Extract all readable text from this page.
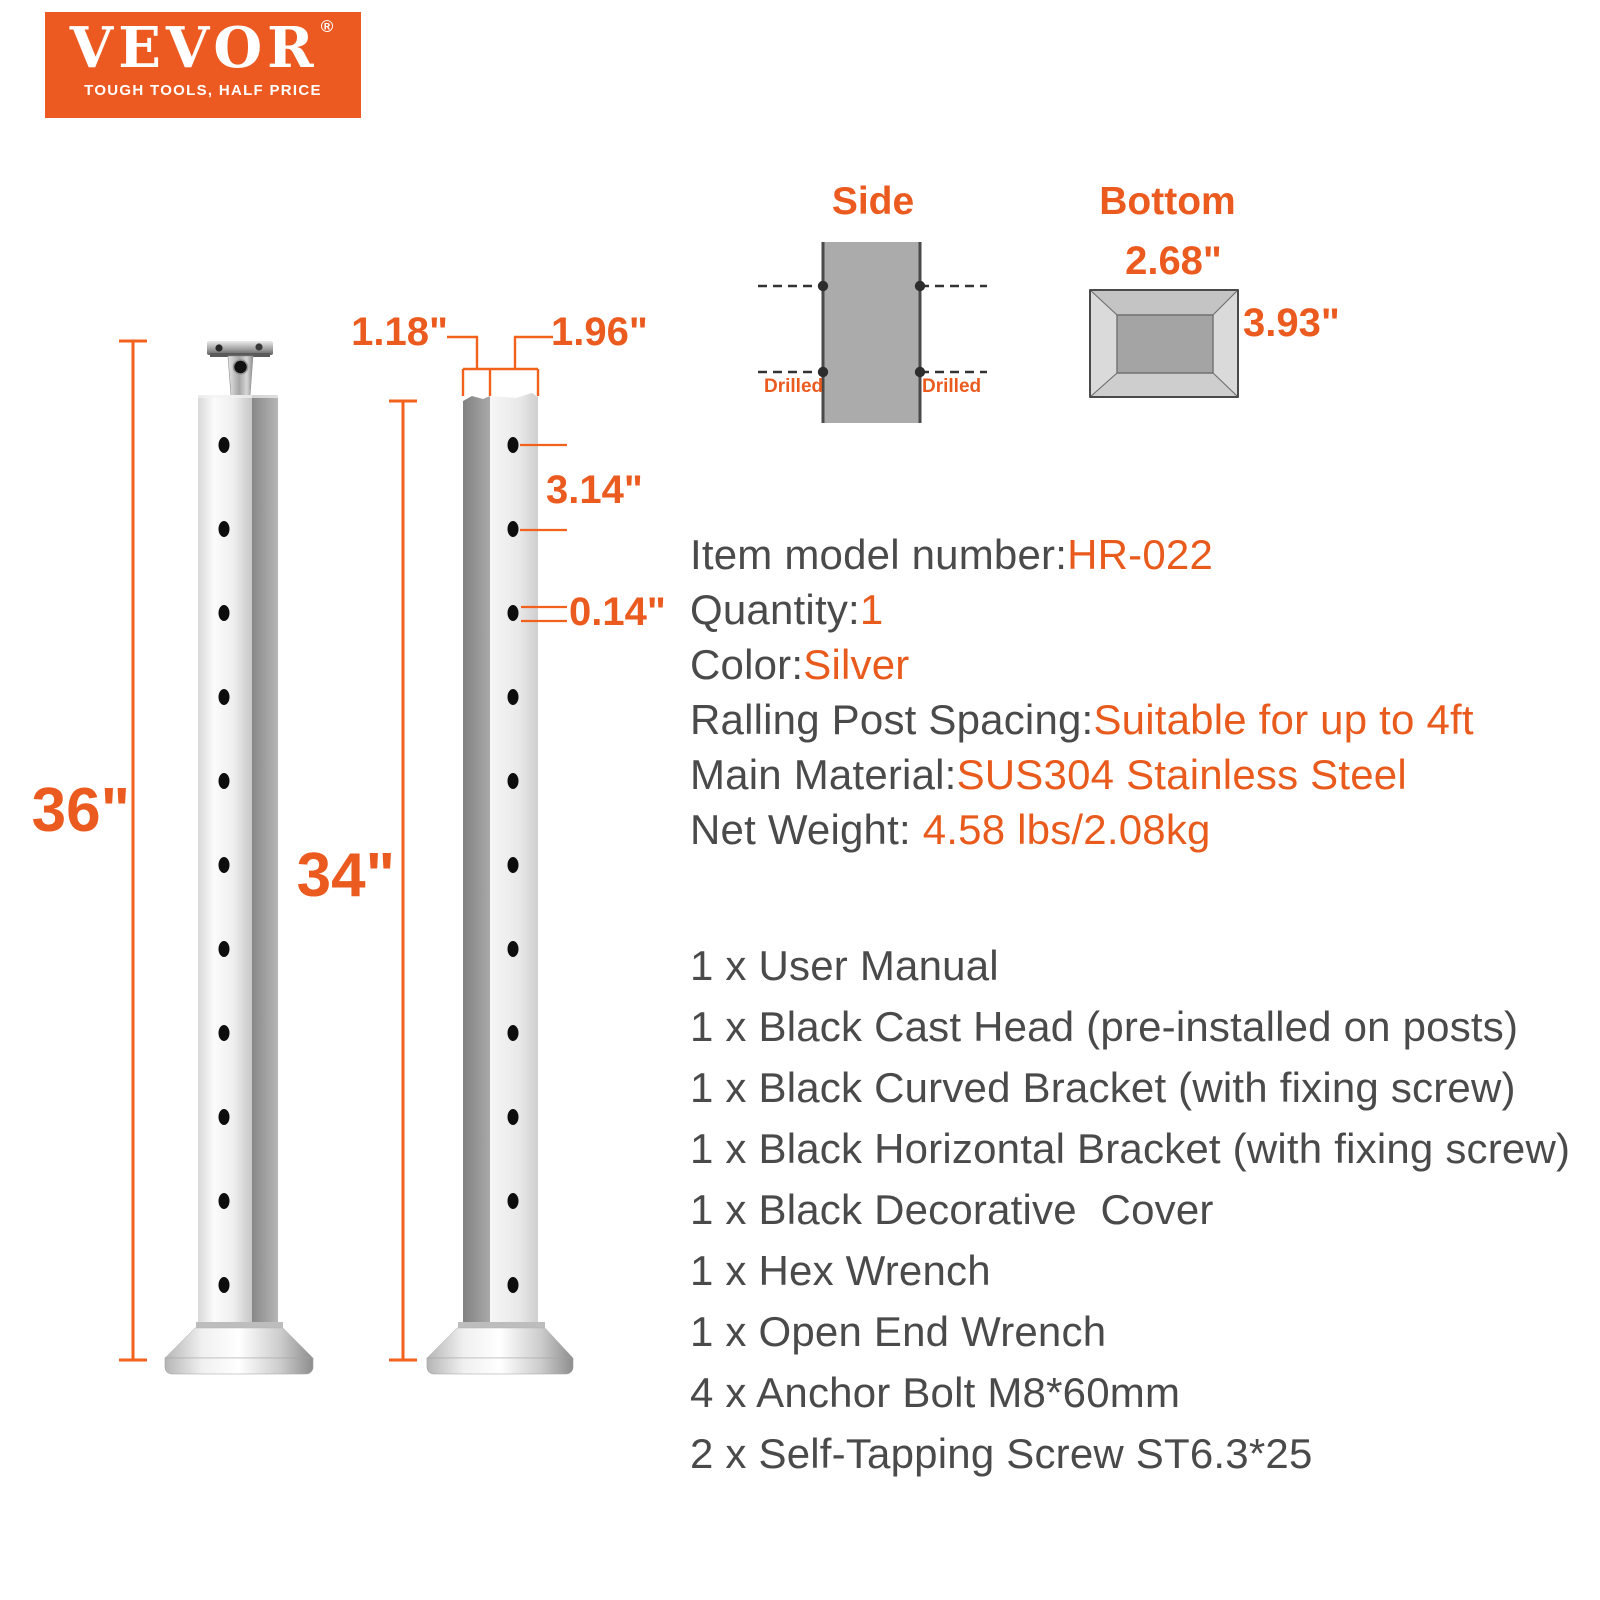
VEVOR ®
TOUGH TOOLS, HALF PRICE
36"
34"
1.18"	1.96"
3.14"
0.14"
Side	Bottom
2.68"
3.93"
Drilled	Drilled
Item model number:HR-022
Quantity:1
Color:Silver
Ralling Post Spacing:Suitable for up to 4ft
Main Material:SUS304 Stainless Steel
Net Weight: 4.58 lbs/2.08kg
1 x User Manual
1 x Black Cast Head (pre-installed on posts)
1 x Black Curved Bracket (with fixing screw)
1 x Black Horizontal Bracket (with fixing screw)
1 x Black Decorative  Cover
1 x Hex Wrench
1 x Open End Wrench
4 x Anchor Bolt M8*60mm
2 x Self-Tapping Screw ST6.3*25
